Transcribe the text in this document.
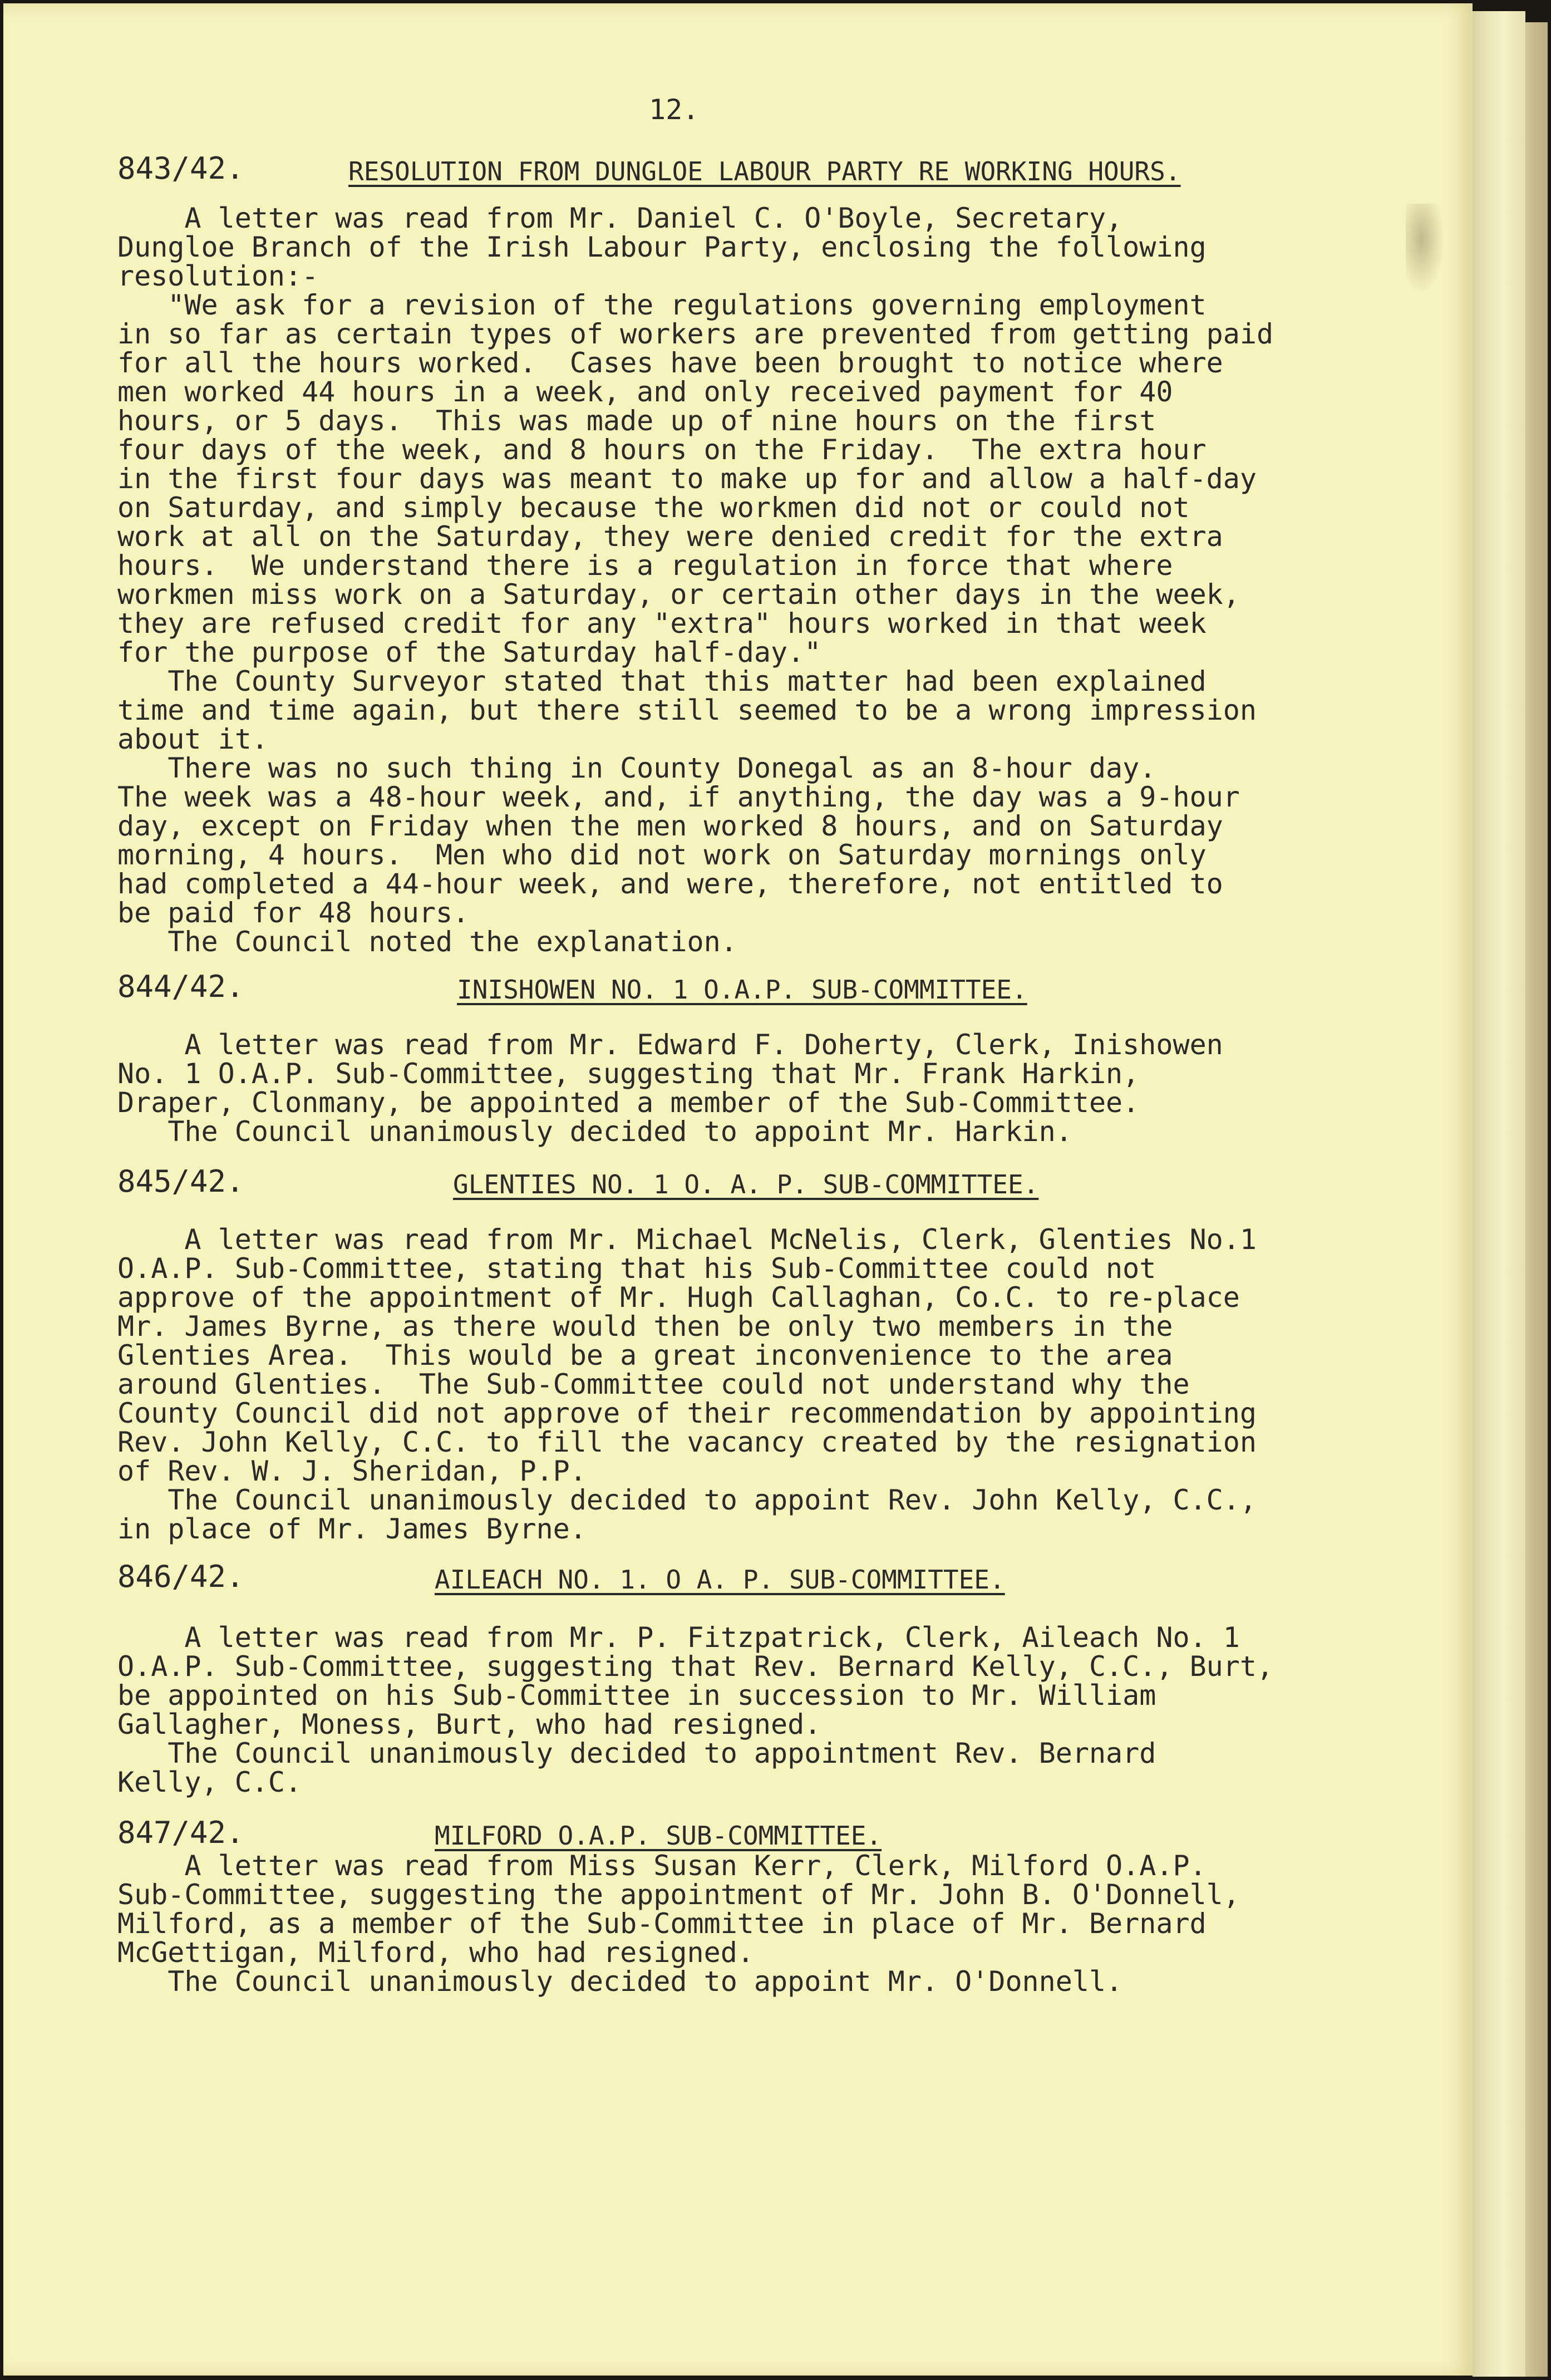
12.

843/42.	RESOLUTION FROM DUNGLOE LABOUR PARTY RE WORKING HOURS.

A letter was read from Mr. Daniel C. O'Boyle, Secretary,
Dungloe Branch of the Irish Labour Party, enclosing the following
resolution:-
"We ask for a revision of the regulations governing employment
in so far as certain types of workers are prevented from getting paid
for all the hours worked.  Cases have been brought to notice where
men worked 44 hours in a week, and only received payment for 40
hours, or 5 days.  This was made up of nine hours on the first
four days of the week, and 8 hours on the Friday.  The extra hour
in the first four days was meant to make up for and allow a half-day
on Saturday, and simply because the workmen did not or could not
work at all on the Saturday, they were denied credit for the extra
hours.  We understand there is a regulation in force that where
workmen miss work on a Saturday, or certain other days in the week,
they are refused credit for any "extra" hours worked in that week
for the purpose of the Saturday half-day."
The County Surveyor stated that this matter had been explained
time and time again, but there still seemed to be a wrong impression
about it.
There was no such thing in County Donegal as an 8-hour day.
The week was a 48-hour week, and, if anything, the day was a 9-hour
day, except on Friday when the men worked 8 hours, and on Saturday
morning, 4 hours.  Men who did not work on Saturday mornings only
had completed a 44-hour week, and were, therefore, not entitled to
be paid for 48 hours.
The Council noted the explanation.

844/42.	INISHOWEN NO. 1 O.A.P. SUB-COMMITTEE.

A letter was read from Mr. Edward F. Doherty, Clerk, Inishowen
No. 1 O.A.P. Sub-Committee, suggesting that Mr. Frank Harkin,
Draper, Clonmany, be appointed a member of the Sub-Committee.
The Council unanimously decided to appoint Mr. Harkin.

845/42.	GLENTIES NO. 1 O. A. P. SUB-COMMITTEE.

A letter was read from Mr. Michael McNelis, Clerk, Glenties No.1
O.A.P. Sub-Committee, stating that his Sub-Committee could not
approve of the appointment of Mr. Hugh Callaghan, Co.C. to re-place
Mr. James Byrne, as there would then be only two members in the
Glenties Area.  This would be a great inconvenience to the area
around Glenties.  The Sub-Committee could not understand why the
County Council did not approve of their recommendation by appointing
Rev. John Kelly, C.C. to fill the vacancy created by the resignation
of Rev. W. J. Sheridan, P.P.
The Council unanimously decided to appoint Rev. John Kelly, C.C.,
in place of Mr. James Byrne.

846/42.	AILEACH NO. 1. O A. P. SUB-COMMITTEE.

A letter was read from Mr. P. Fitzpatrick, Clerk, Aileach No. 1
O.A.P. Sub-Committee, suggesting that Rev. Bernard Kelly, C.C., Burt,
be appointed on his Sub-Committee in succession to Mr. William
Gallagher, Moness, Burt, who had resigned.
The Council unanimously decided to appointment Rev. Bernard
Kelly, C.C.

847/42.	MILFORD O.A.P. SUB-COMMITTEE.

A letter was read from Miss Susan Kerr, Clerk, Milford O.A.P.
Sub-Committee, suggesting the appointment of Mr. John B. O'Donnell,
Milford, as a member of the Sub-Committee in place of Mr. Bernard
McGettigan, Milford, who had resigned.
The Council unanimously decided to appoint Mr. O'Donnell.
